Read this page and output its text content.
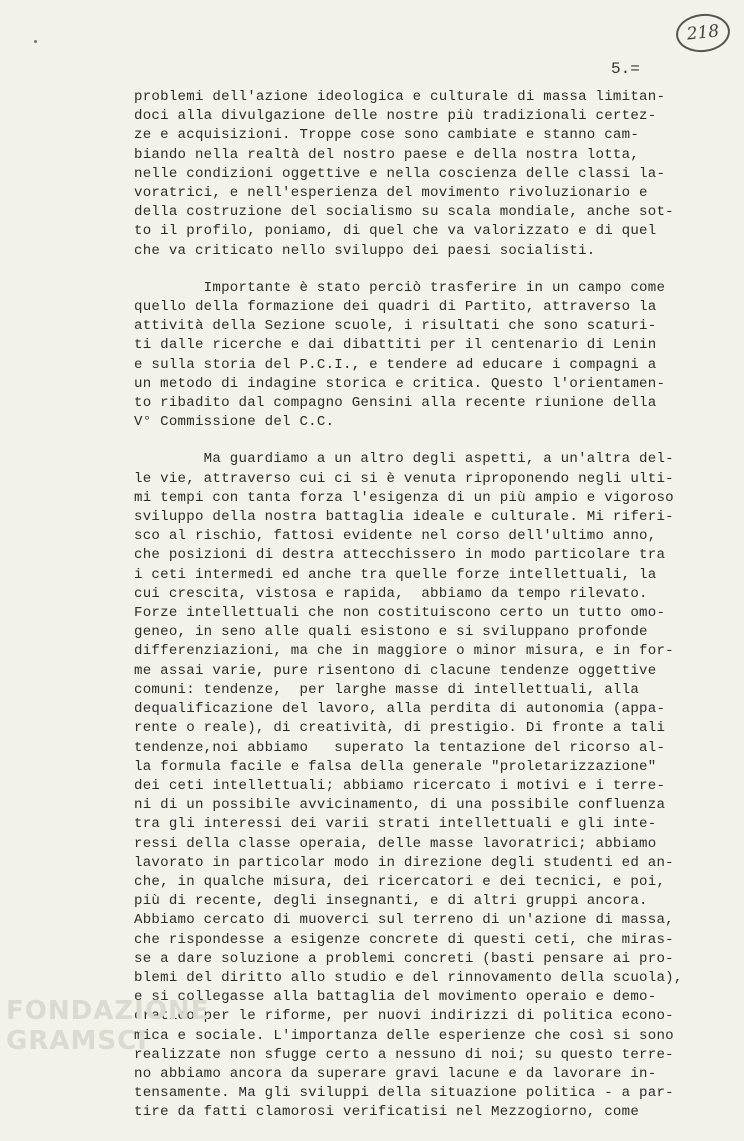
218
5.=
problemi dell'azione ideologica e culturale di massa limitan-
doci alla divulgazione delle nostre più tradizionali certez-
ze e acquisizioni. Troppe cose sono cambiate e stanno cam-
biando nella realtà del nostro paese e della nostra lotta,
nelle condizioni oggettive e nella coscienza delle classi la-
voratrici, e nell'esperienza del movimento rivoluzionario e
della costruzione del socialismo su scala mondiale, anche sot-
to il profilo, poniamo, di quel che va valorizzato e di quel
che va criticato nello sviluppo dei paesi socialisti.
Importante è stato perciò trasferire in un campo come
quello della formazione dei quadri di Partito, attraverso la
attività della Sezione scuole, i risultati che sono scaturi-
ti dalle ricerche e dai dibattiti per il centenario di Lenin
e sulla storia del P.C.I., e tendere ad educare i compagni a
un metodo di indagine storica e critica. Questo l'orientamen-
to ribadito dal compagno Gensini alla recente riunione della
V° Commissione del C.C.
Ma guardiamo a un altro degli aspetti, a un'altra del-
le vie, attraverso cui ci si è venuta riproponendo negli ulti-
mi tempi con tanta forza l'esigenza di un più ampio e vigoroso
sviluppo della nostra battaglia ideale e culturale. Mi riferi-
sco al rischio, fattosi evidente nel corso dell'ultimo anno,
che posizioni di destra attecchissero in modo particolare tra
i ceti intermedi ed anche tra quelle forze intellettuali, la
cui crescita, vistosa e rapida,  abbiamo da tempo rilevato.
Forze intellettuali che non costituiscono certo un tutto omo-
geneo, in seno alle quali esistono e si sviluppano profonde
differenziazioni, ma che in maggiore o minor misura, e in for-
me assai varie, pure risentono di clacune tendenze oggettive
comuni: tendenze,  per larghe masse di intellettuali, alla
dequalificazione del lavoro, alla perdita di autonomia (appa-
rente o reale), di creatività, di prestigio. Di fronte a tali
tendenze,noi abbiamo   superato la tentazione del ricorso al-
la formula facile e falsa della generale "proletarizzazione"
dei ceti intellettuali; abbiamo ricercato i motivi e i terre-
ni di un possibile avvicinamento, di una possibile confluenza
tra gli interessi dei varii strati intellettuali e gli inte-
ressi della classe operaia, delle masse lavoratrici; abbiamo
lavorato in particolar modo in direzione degli studenti ed an-
che, in qualche misura, dei ricercatori e dei tecnici, e poi,
più di recente, degli insegnanti, e di altri gruppi ancora.
Abbiamo cercato di muoverci sul terreno di un'azione di massa,
che rispondesse a esigenze concrete di questi ceti, che miras-
se a dare soluzione a problemi concreti (basti pensare ai pro-
blemi del diritto allo studio e del rinnovamento della scuola),
e si collegasse alla battaglia del movimento operaio e demo-
cratico per le riforme, per nuovi indirizzi di politica econo-
mica e sociale. L'importanza delle esperienze che così si sono
realizzate non sfugge certo a nessuno di noi; su questo terre-
no abbiamo ancora da superare gravi lacune e da lavorare in-
tensamente. Ma gli sviluppi della situazione politica - a par-
tire da fatti clamorosi verificatisi nel Mezzogiorno, come
FONDAZIONE
GRAMSCI
